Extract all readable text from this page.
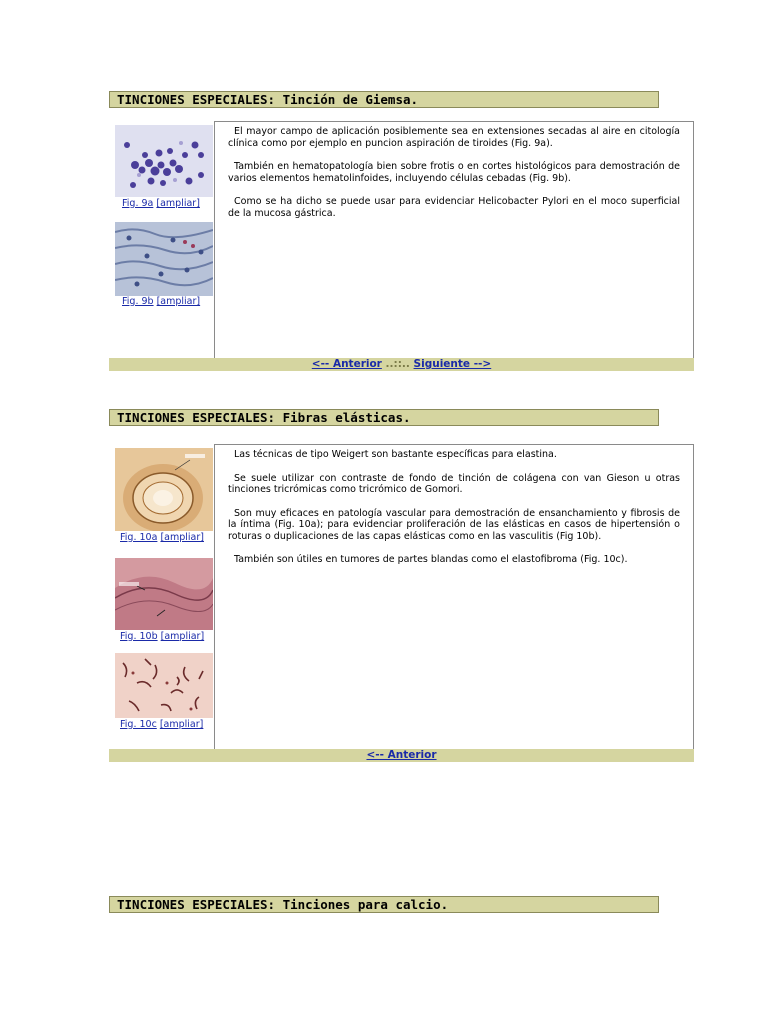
TINCIONES ESPECIALES: Tinción de Giemsa.
Fig. 9a [ampliar]
Fig. 9b [ampliar]

El mayor campo de aplicación posiblemente sea en extensiones secadas al aire en citología clínica como por ejemplo en puncion aspiración de tiroides (Fig. 9a).

También en hematopatología bien sobre frotis o en cortes histológicos para demostración de varios elementos hematolinfoides, incluyendo células cebadas (Fig. 9b).

Como se ha dicho se puede usar para evidenciar Helicobacter Pylori en el moco superficial de la mucosa gástrica.

<-- Anterior ..::.. Siguiente -->
TINCIONES ESPECIALES: Fibras elásticas.
Fig. 10a [ampliar]
Fig. 10b [ampliar]
Fig. 10c [ampliar]

Las técnicas de tipo Weigert son bastante específicas para elastina.

Se suele utilizar con contraste de fondo de tinción de colágena con van Gieson u otras tinciones tricrómicas como tricrómico de Gomori.

Son muy eficaces en patología vascular para demostración de ensanchamiento y fibrosis de la íntima (Fig. 10a); para evidenciar proliferación de las elásticas en casos de hipertensión o roturas o duplicaciones de las capas elásticas como en las vasculitis (Fig 10b).

También son útiles en tumores de partes blandas como el elastofibroma (Fig. 10c).

<-- Anterior
TINCIONES ESPECIALES: Tinciones para calcio.
